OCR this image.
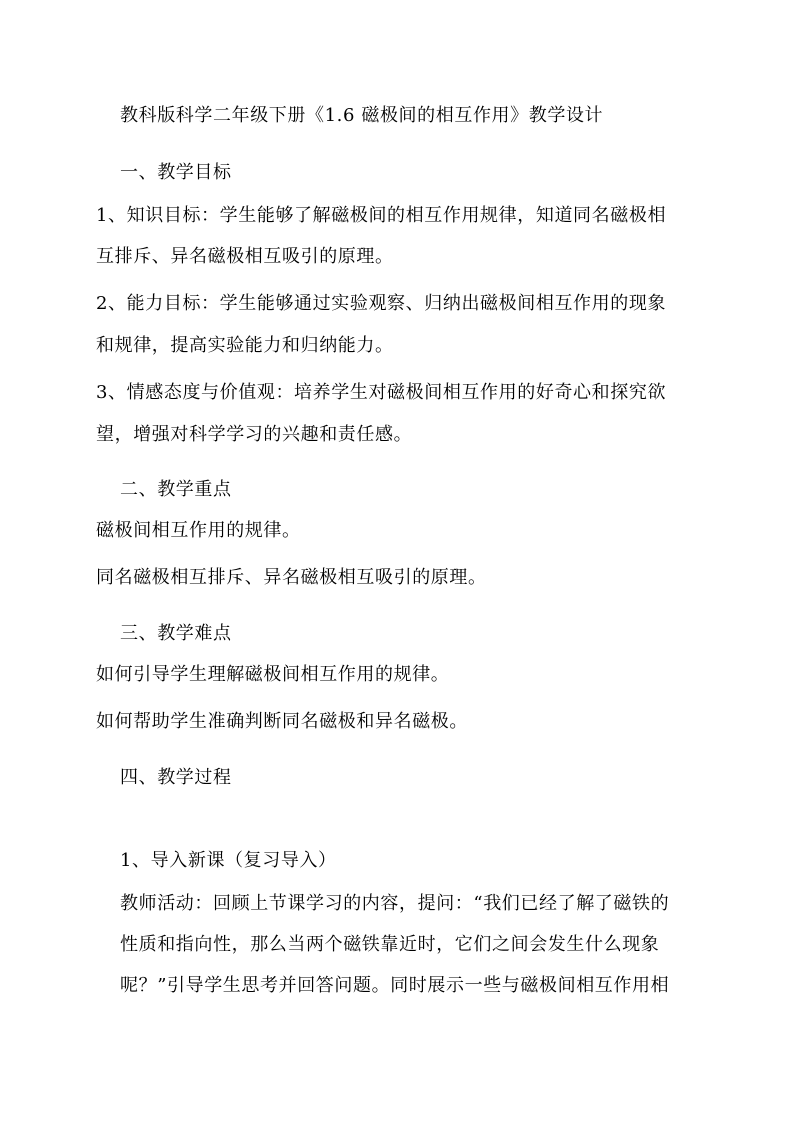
教科版科学二年级下册《1.6 磁极间的相互作用》教学设计
一、教学目标
1、知识目标：学生能够了解磁极间的相互作用规律，知道同名磁极相
互排斥、异名磁极相互吸引的原理。
2、能力目标：学生能够通过实验观察、归纳出磁极间相互作用的现象
和规律，提高实验能力和归纳能力。
3、情感态度与价值观：培养学生对磁极间相互作用的好奇心和探究欲
望，增强对科学学习的兴趣和责任感。
二、教学重点
磁极间相互作用的规律。
同名磁极相互排斥、异名磁极相互吸引的原理。
三、教学难点
如何引导学生理解磁极间相互作用的规律。
如何帮助学生准确判断同名磁极和异名磁极。
四、教学过程
1、导入新课（复习导入）
教师活动：回顾上节课学习的内容，提问：“我们已经了解了磁铁的
性质和指向性，那么当两个磁铁靠近时，它们之间会发生什么现象
呢？”引导学生思考并回答问题。同时展示一些与磁极间相互作用相
